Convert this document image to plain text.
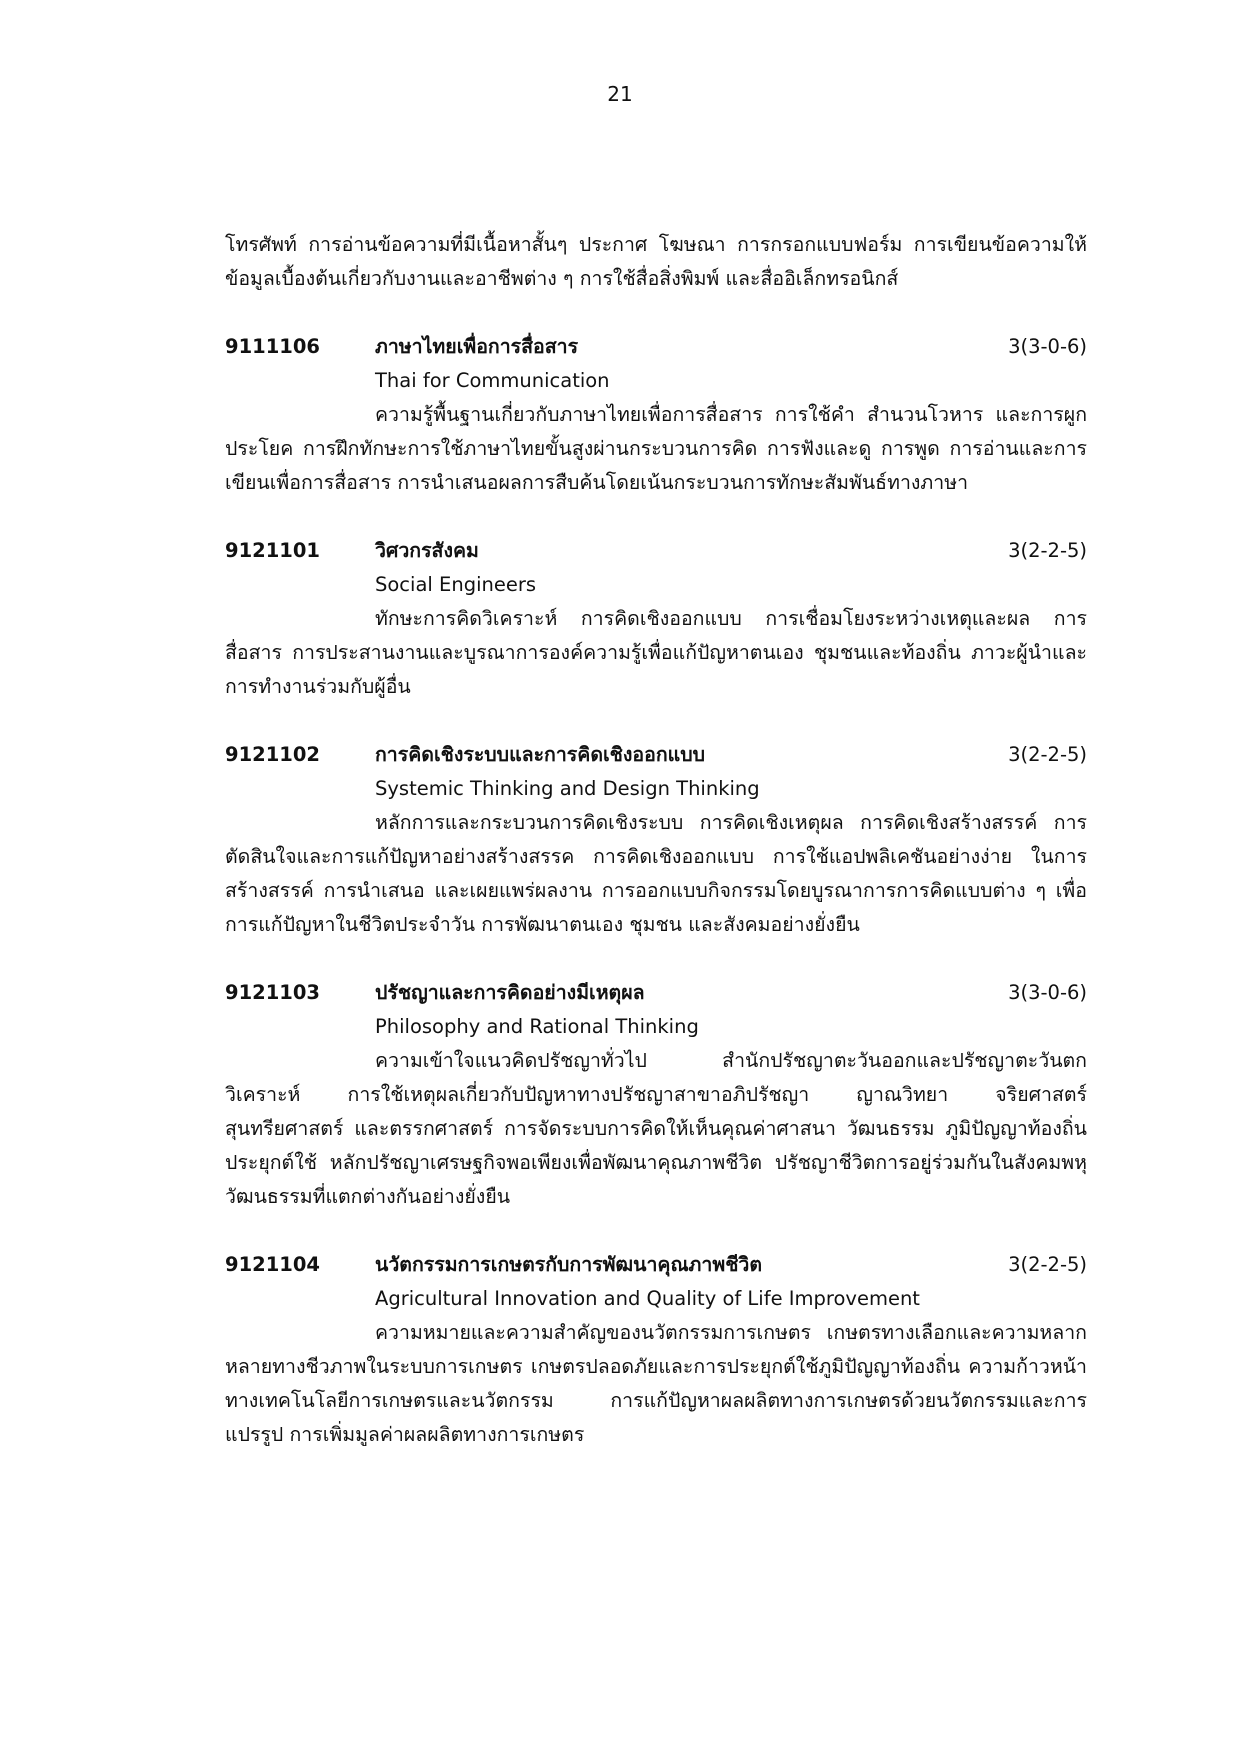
21

โทรศัพท์ การอ่านข้อความที่มีเนื้อหาสั้นๆ ประกาศ โฆษณา การกรอกแบบฟอร์ม การเขียนข้อความให้ข้อมูลเบื้องต้นเกี่ยวกับงานและอาชีพต่าง ๆ การใช้สื่อสิ่งพิมพ์ และสื่ออิเล็กทรอนิกส์

9111106	ภาษาไทยเพื่อการสื่อสาร	3(3-0-6)
Thai for Communication

ความรู้พื้นฐานเกี่ยวกับภาษาไทยเพื่อการสื่อสาร การใช้คำ สำนวนโวหาร และการผูกประโยค การฝึกทักษะการใช้ภาษาไทยขั้นสูงผ่านกระบวนการคิด การฟังและดู การพูด การอ่านและการเขียนเพื่อการสื่อสาร การนำเสนอผลการสืบค้นโดยเน้นกระบวนการทักษะสัมพันธ์ทางภาษา

9121101	วิศวกรสังคม	3(2-2-5)
Social Engineers

ทักษะการคิดวิเคราะห์ การคิดเชิงออกแบบ การเชื่อมโยงระหว่างเหตุและผล การสื่อสาร การประสานงานและบูรณาการองค์ความรู้เพื่อแก้ปัญหาตนเอง ชุมชนและท้องถิ่น ภาวะผู้นำและการทำงานร่วมกับผู้อื่น

9121102	การคิดเชิงระบบและการคิดเชิงออกแบบ	3(2-2-5)
Systemic Thinking and Design Thinking

หลักการและกระบวนการคิดเชิงระบบ การคิดเชิงเหตุผล การคิดเชิงสร้างสรรค์ การตัดสินใจและการแก้ปัญหาอย่างสร้างสรรค การคิดเชิงออกแบบ การใช้แอปพลิเคชันอย่างง่าย ในการสร้างสรรค์ การนำเสนอ และเผยแพร่ผลงาน การออกแบบกิจกรรมโดยบูรณาการการคิดแบบต่าง ๆ เพื่อการแก้ปัญหาในชีวิตประจำวัน การพัฒนาตนเอง ชุมชน และสังคมอย่างยั่งยืน

9121103	ปรัชญาและการคิดอย่างมีเหตุผล	3(3-0-6)
Philosophy and Rational Thinking

ความเข้าใจแนวคิดปรัชญาทั่วไป สำนักปรัชญาตะวันออกและปรัชญาตะวันตก วิเคราะห์ การใช้เหตุผลเกี่ยวกับปัญหาทางปรัชญาสาขาอภิปรัชญา ญาณวิทยา จริยศาสตร์ สุนทรียศาสตร์ และตรรกศาสตร์ การจัดระบบการคิดให้เห็นคุณค่าศาสนา วัฒนธรรม ภูมิปัญญาท้องถิ่น ประยุกต์ใช้ หลักปรัชญาเศรษฐกิจพอเพียงเพื่อพัฒนาคุณภาพชีวิต ปรัชญาชีวิตการอยู่ร่วมกันในสังคมพหุวัฒนธรรมที่แตกต่างกันอย่างยั่งยืน

9121104	นวัตกรรมการเกษตรกับการพัฒนาคุณภาพชีวิต	3(2-2-5)
Agricultural Innovation and Quality of Life Improvement

ความหมายและความสำคัญของนวัตกรรมการเกษตร เกษตรทางเลือกและความหลากหลายทางชีวภาพในระบบการเกษตร เกษตรปลอดภัยและการประยุกต์ใช้ภูมิปัญญาท้องถิ่น ความก้าวหน้าทางเทคโนโลยีการเกษตรและนวัตกรรม การแก้ปัญหาผลผลิตทางการเกษตรด้วยนวัตกรรมและการแปรรูป การเพิ่มมูลค่าผลผลิตทางการเกษตร
